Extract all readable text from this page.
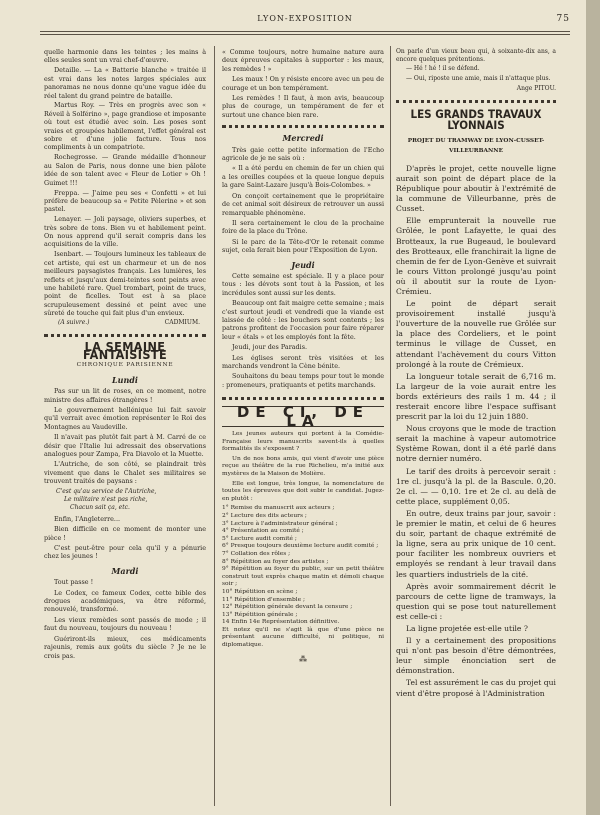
LYON-EXPOSITION	75

quelle harmonie dans les teintes ; les mains à elles seules sont un vrai chef-d'œuvre.

Detaille. — La « Batterie blanche » traitée il est vrai dans les notes larges spéciales aux panoramas ne nous donne qu'une vague idée du réel talent du grand peintre de bataille.

Martus Roy. — Très en progrès avec son « Réveil à Solférino », page grandiose et imposante où tout est étudié avec soin. Les poses sont vraies et groupées habilement, l'effet général est sobre et d'une jolie facture. Tous nos compliments à un compatriote.

Rochegrosse. — Grande médaille d'honneur au Salon de Paris, nous donne une bien pâlote idée de son talent avec « Fleur de Lotier » Oh ! Guimet !!!

Freppa. — J'aime peu ses « Confetti » et lui préfère de beaucoup sa « Petite Pèlerine » et son pastel.

Lenayer. — Joli paysage, oliviers superbes, et très sobre de tons. Bien vu et habilement peint. On nous apprend qu'il serait compris dans les acquisitions de la ville.

Isenbart. — Toujours lumineux les tableaux de cet artiste, qui est un charmeur et un de nos meilleurs paysagistes français. Les lumières, les reflets et jusqu'aux demi-teintes sont peints avec une habileté rare. Quel trombart, point de trucs, point de ficelles. Tout est à sa place scrupuleusement dessiné et peint avec une sûreté de touche qui fait plus d'un envieux.

(A suivre.)	CADMIUM.
LA SEMAINE FANTAISISTE
CHRONIQUE PARISIENNE
Lundi

Pas sur un lit de roses, en ce moment, notre ministre des affaires étrangères !

Le gouvernement hellénique lui fait savoir qu'il verrait avec émotion représenter le Roi des Montagnes au Vaudeville.

Il n'avait pas plutôt fait part à M. Carré de ce désir que l'Italie lui adressait des observations analogues pour Zampa, Fra Diavolo et la Muette.

L'Autriche, de son côté, se plaindrait très vivement que dans le Chalet ses militaires se trouvent traités de paysans :

C'est qu'au service de l'Autriche,
Le militaire n'est pas riche,
Chacun sait ça, etc.

Enfin, l'Angleterre...

Bien difficile en ce moment de monter une pièce !

C'est peut-être pour cela qu'il y a pénurie chez les jeunes !

Mardi

Tout passe !

Le Codex, ce fameux Codex, cette bible des drogues académiques, va être réformé, renouvelé, transformé.

Les vieux remèdes sont passés de mode ; il faut du nouveau, toujours du nouveau !

Guériront-ils mieux, ces médicaments rajeunis, remis aux goûts du siècle ? Je ne le crois pas.

« Comme toujours, notre humaine nature aura deux épreuves capitales à supporter : les maux, les remèdes ! »

Les maux ! On y résiste encore avec un peu de courage et un bon tempérament.

Les remèdes ! Il faut, à mon avis, beaucoup plus de courage, un tempérament de fer et surtout une chance bien rare.

Mercredi

Très gaie cette petite information de l'Echo agricole de je ne sais où :

« Il a été perdu en chemin de fer un chien qui a les oreilles coupées et la queue longue depuis la gare Saint-Lazare jusqu'à Bois-Colombes. »

On conçoit certainement que le propriétaire de cet animal soit désireux de retrouver un aussi remarquable phénomène.

Il sera certainement le clou de la prochaine foire de la place du Trône.

Si le parc de la Tête-d'Or le retenait comme sujet, cela ferait bien pour l'Exposition de Lyon.

Jeudi

Cette semaine est spéciale. Il y a place pour tous : les dévots sont tout à la Passion, et les incrédules sont aussi sur les dents.

Beaucoup ont fait maigre cette semaine ; mais c'est surtout jeudi et vendredi que la viande est laissée de côté : les bouchers sont contents ; les patrons profitent de l'occasion pour faire réparer leur « étals » et les employés font la fête.

Jeudi, jour des Paradis.

Les églises seront très visitées et les marchands vendront la Cène bénite.

Souhaitons du beau temps pour tout le monde : promeneurs, pratiquants et petits marchands.

DE CI, DE LA

Les jeunes auteurs qui portent à la Comédie-Française leurs manuscrits savent-ils à quelles formalités ils s'exposent ?

Un de nos bons amis, qui vient d'avoir une pièce reçue au théâtre de la rue Richelieu, m'a initié aux mystères de la Maison de Molière.

Elle est longue, très longue, la nomenclature de toutes les épreuves que doit subir le candidat. Jugez-en plutôt :

1° Remise du manuscrit aux acteurs ;
2° Lecture des dits acteurs ;
3° Lecture à l'administrateur général ;
4° Présentation au comité ;
5° Lecture audit comité ;
6° Presque toujours deuxième lecture audit comité ;
7° Collation des rôles ;
8° Répétition au foyer des artistes ;
9° Répétition au foyer du public, sur un petit théâtre construit tout exprès chaque matin et démoli chaque soir ;
10° Répétition en scène ;
11° Répétition d'ensemble ;
12° Répétition générale devant la censure ;
13° Répétition générale ;
14 Enfin 14e Représentation définitive.
Et notez qu'il ne s'agit là que d'une pièce ne présentant aucune difficulté, ni politique, ni diplomatique.
⁂

On parle d'un vieux beau qui, à soixante-dix ans, a encore quelques prétentions.

— Hé ! hé ! il se défend.

— Oui, riposte une amie, mais il n'attaque plus.

Ange PITOU.
LES GRANDS TRAVAUX LYONNAIS
PROJET DU TRAMWAY DE LYON-CUSSET-VILLEURBANNE

D'après le projet, cette nouvelle ligne aurait son point de départ place de la République pour aboutir à l'extrémité de la commune de Villeurbanne, près de Cusset.

Elle emprunterait la nouvelle rue Grôlée, le pont Lafayette, le quai des Brotteaux, la rue Bugeaud, le boulevard des Brotteaux, elle franchirait la ligne de chemin de fer de Lyon-Genève et suivrait le cours Vitton prolongé jusqu'au point où il aboutit sur la route de Lyon-Crémieu.

Le point de départ serait provisoirement installé jusqu'à l'ouverture de la nouvelle rue Grôlée sur la place des Cordeliers, et le point terminus le village de Cusset, en attendant l'achèvement du cours Vitton prolongé à la route de Crémieux.

La longueur totale serait de 6,716 m. La largeur de la voie aurait entre les bords extérieurs des rails 1 m. 44 ; il resterait encore libre l'espace suffisant prescrit par la loi du 12 juin 1880.

Nous croyons que le mode de traction serait la machine à vapeur automotrice Système Rowan, dont il a été parlé dans notre dernier numéro.

Le tarif des droits à percevoir serait : 1re cl. jusqu'à la pl. de la Bascule. 0,20. 2e cl. — — 0,10. 1re et 2e cl. au delà de cette place, supplément 0,05.

En outre, deux trains par jour, savoir : le premier le matin, et celui de 6 heures du soir, partant de chaque extrémité de la ligne, sera au prix unique de 10 cent. pour faciliter les nombreux ouvriers et employés se rendant à leur travail dans les quartiers industriels de la cité.

Après avoir sommairement décrit le parcours de cette ligne de tramways, la question qui se pose tout naturellement est celle-ci :

La ligne projetée est-elle utile ?

Il y a certainement des propositions qui n'ont pas besoin d'être démontrées, leur simple énonciation sert de démonstration.

Tel est assurément le cas du projet qui vient d'être proposé à l'Administration
